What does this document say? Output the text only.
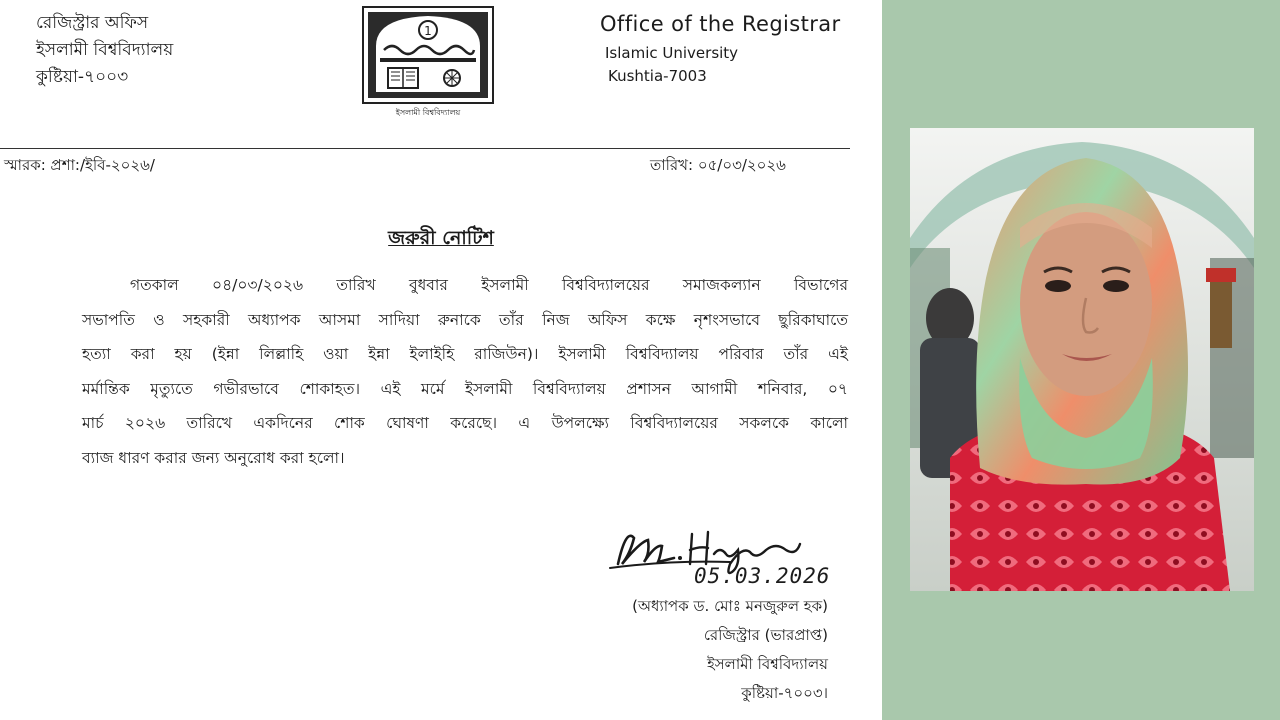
রেজিস্ট্রার অফিস
ইসলামী বিশ্ববিদ্যালয়
কুষ্টিয়া-৭০০৩
1
ইসলামী বিশ্ববিদ্যালয়
Office of the Registrar
Islamic University
Kushtia-7003
স্মারক: প্রশা:/ইবি-২০২৬/	তারিখ: ০৫/০৩/২০২৬
জরুরী নোটিশ
গতকাল ০৪/০৩/২০২৬ তারিখ বুধবার ইসলামী বিশ্ববিদ্যালয়ের সমাজকল্যান বিভাগের
সভাপতি ও সহকারী অধ্যাপক আসমা সাদিয়া রুনাকে তাঁর নিজ অফিস কক্ষে নৃশংসভাবে ছুরিকাঘাতে
হত্যা করা হয় (ইন্না লিল্লাহি ওয়া ইন্না ইলাইহি রাজিউন)। ইসলামী বিশ্ববিদ্যালয় পরিবার তাঁর এই
মর্মান্তিক মৃত্যুতে গভীরভাবে শোকাহত। এই মর্মে ইসলামী বিশ্ববিদ্যালয় প্রশাসন আগামী শনিবার, ০৭
মার্চ ২০২৬ তারিখে একদিনের শোক ঘোষণা করেছে। এ উপলক্ষ্যে বিশ্ববিদ্যালয়ের সকলকে কালো
ব্যাজ ধারণ করার জন্য অনুরোধ করা হলো।
05.03.2026
(অধ্যাপক ড. মোঃ মনজুরুল হক)
রেজিস্ট্রার (ভারপ্রাপ্ত)
ইসলামী বিশ্ববিদ্যালয়
কুষ্টিয়া-৭০০৩।
